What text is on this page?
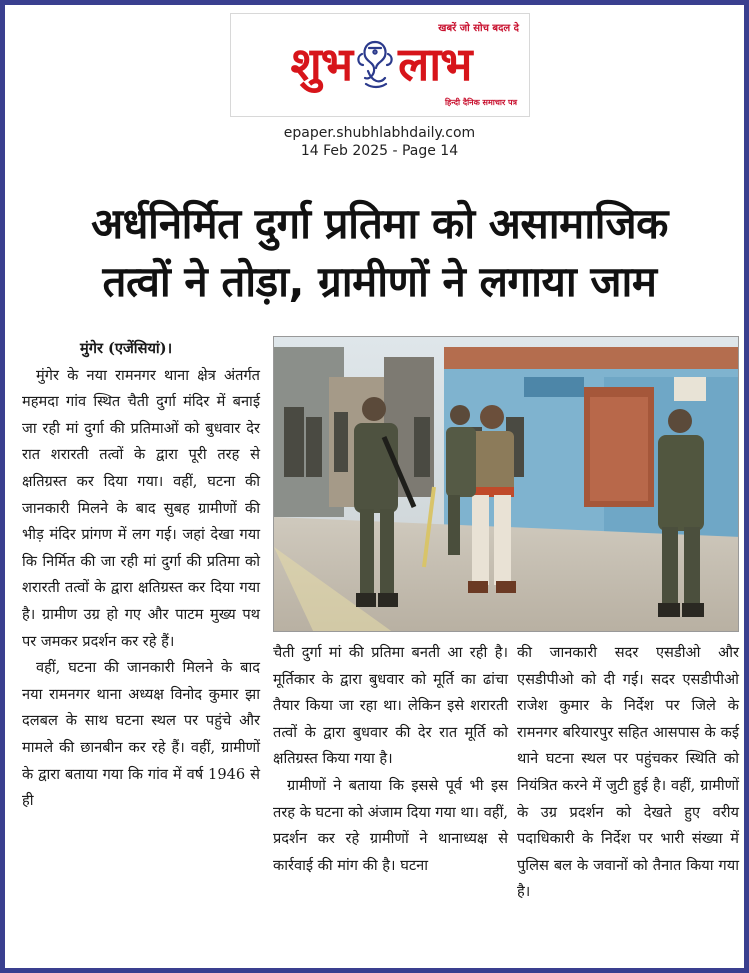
खबरें जो सोच बदल दे
शुभ लाभ
हिन्दी दैनिक समाचार पत्र
epaper.shubhlabhdaily.com
14 Feb 2025 - Page 14
अर्धनिर्मित दुर्गा प्रतिमा को असामाजिक
तत्वों ने तोड़ा, ग्रामीणों ने लगाया जाम

मुंगेर (एजेंसियां)।

मुंगेर के नया रामनगर थाना क्षेत्र अंतर्गत महमदा गांव स्थित चैती दुर्गा मंदिर में बनाई जा रही मां दुर्गा की प्रतिमाओं को बुधवार देर रात शरारती तत्वों के द्वारा पूरी तरह से क्षतिग्रस्त कर दिया गया। वहीं, घटना की जानकारी मिलने के बाद सुबह ग्रामीणों की भीड़ मंदिर प्रांगण में लग गई। जहां देखा गया कि निर्मित की जा रही मां दुर्गा की प्रतिमा को शरारती तत्वों के द्वारा क्षतिग्रस्त कर दिया गया है। ग्रामीण उग्र हो गए और पाटम मुख्य पथ पर जमकर प्रदर्शन कर रहे हैं।

वहीं, घटना की जानकारी मिलने के बाद नया रामनगर थाना अध्यक्ष विनोद कुमार झा दलबल के साथ घटना स्थल पर पहुंचे और मामले की छानबीन कर रहे हैं। वहीं, ग्रामीणों के द्वारा बताया गया कि गांव में वर्ष 1946 से ही

चैती दुर्गा मां की प्रतिमा बनती आ रही है। मूर्तिकार के द्वारा बुधवार को मूर्ति का ढांचा तैयार किया जा रहा था। लेकिन इसे शरारती तत्वों के द्वारा बुधवार की देर रात मूर्ति को क्षतिग्रस्त किया गया है।

ग्रामीणों ने बताया कि इससे पूर्व भी इस तरह के घटना को अंजाम दिया गया था। वहीं, प्रदर्शन कर रहे ग्रामीणों ने थानाध्यक्ष से कार्रवाई की मांग की है। घटना

की जानकारी सदर एसडीओ और एसडीपीओ को दी गई। सदर एसडीपीओ राजेश कुमार के निर्देश पर जिले के रामनगर बरियारपुर सहित आसपास के कई थाने घटना स्थल पर पहुंचकर स्थिति को नियंत्रित करने में जुटी हुई है। वहीं, ग्रामीणों के उग्र प्रदर्शन को देखते हुए वरीय पदाधिकारी के निर्देश पर भारी संख्या में पुलिस बल के जवानों को तैनात किया गया है।
